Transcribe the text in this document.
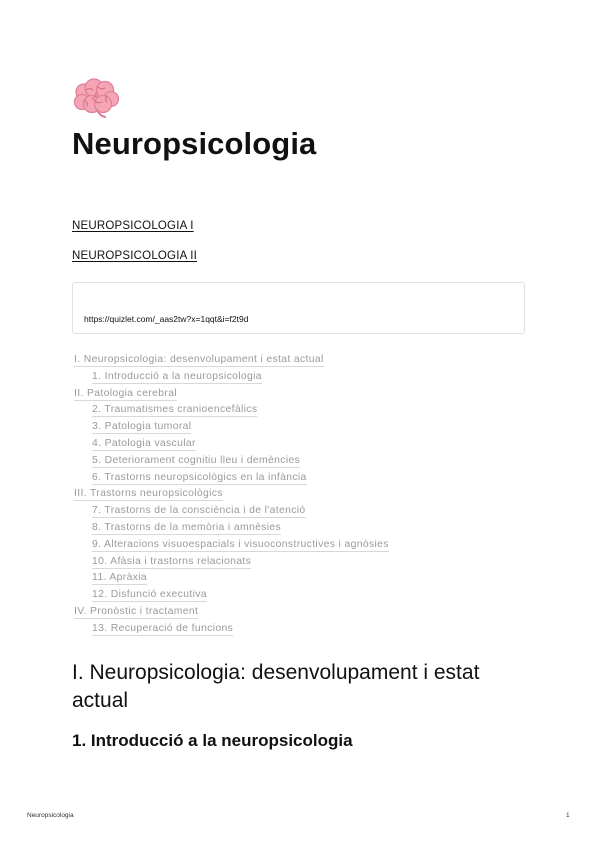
Neuropsicologia
NEUROPSICOLOGIA I
NEUROPSICOLOGIA II
https://quizlet.com/_aas2tw?x=1qqt&i=f2t9d
I. Neuropsicologia: desenvolupament i estat actual
1. Introducció a la neuropsicologia
II. Patologia cerebral
2. Traumatismes cranioencefàlics
3. Patologia tumoral
4. Patologia vascular
5. Deteriorament cognitiu lleu i demències
6. Trastorns neuropsicològics en la infància
III. Trastorns neuropsicològics
7. Trastorns de la consciència i de l'atenció
8. Trastorns de la memòria i amnèsies
9. Alteracions visuoespacials i visuoconstructives i agnòsies
10. Afàsia i trastorns relacionats
11. Apràxia
12. Disfunció executiva
IV. Pronòstic i tractament
13. Recuperació de funcions
I. Neuropsicologia: desenvolupament i estat actual
1. Introducció a la neuropsicologia
Neuropsicologia	1
